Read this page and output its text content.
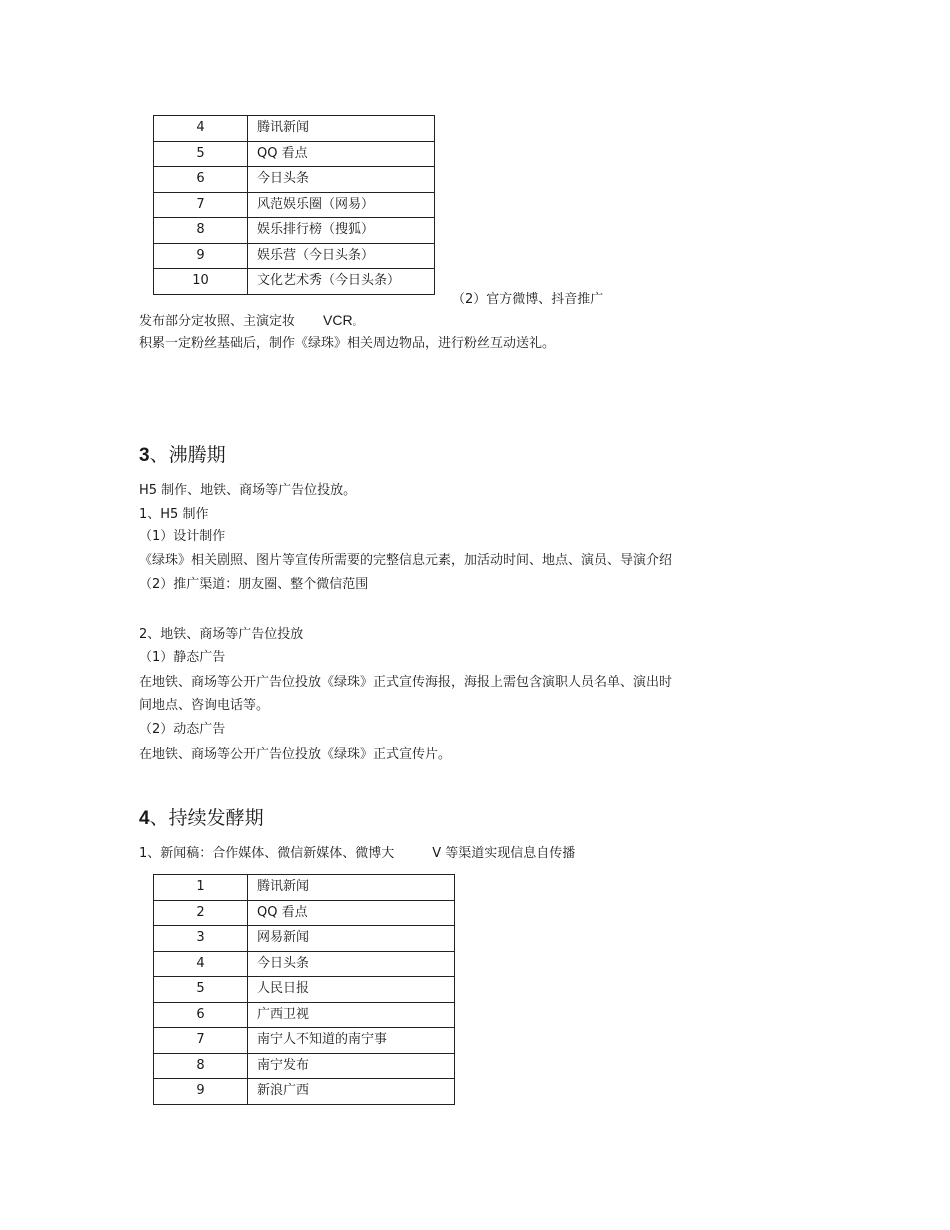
4	腾讯新闻
5	QQ 看点
6	今日头条
7	风范娱乐圈（网易）
8	娱乐排行榜（搜狐）
9	娱乐营（今日头条）
10	文化艺术秀（今日头条）
（2）官方微博、抖音推广
发布部分定妆照、主演定妆 VCR。
积累一定粉丝基础后，制作《绿珠》相关周边物品，进行粉丝互动送礼。
3、沸腾期
H5 制作、地铁、商场等广告位投放。
1、H5 制作
（1）设计制作
《绿珠》相关剧照、图片等宣传所需要的完整信息元素，加活动时间、地点、演员、导演介绍
（2）推广渠道：朋友圈、整个微信范围
2、地铁、商场等广告位投放
（1）静态广告
在地铁、商场等公开广告位投放《绿珠》正式宣传海报，海报上需包含演职人员名单、演出时
间地点、咨询电话等。
（2）动态广告
在地铁、商场等公开广告位投放《绿珠》正式宣传片。
4、持续发酵期
1、新闻稿：合作媒体、微信新媒体、微博大	V 等渠道实现信息自传播
1	腾讯新闻
2	QQ 看点
3	网易新闻
4	今日头条
5	人民日报
6	广西卫视
7	南宁人不知道的南宁事
8	南宁发布
9	新浪广西
